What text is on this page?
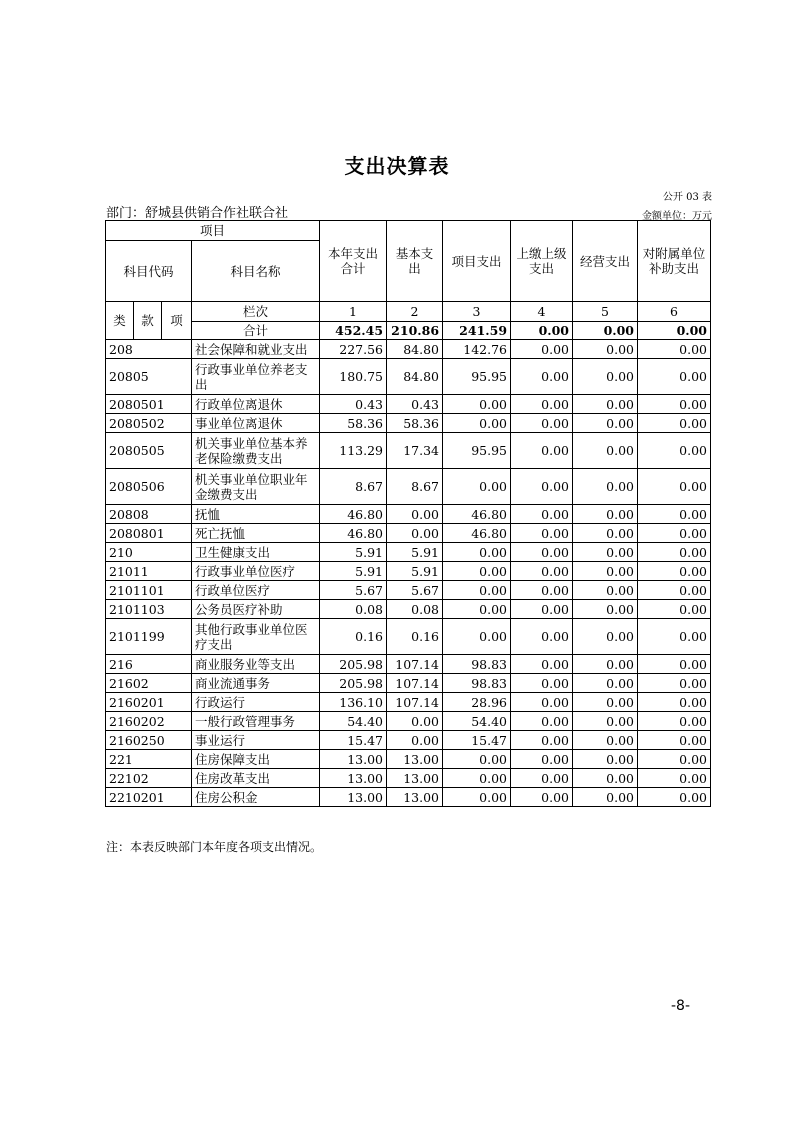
支出决算表
公开 03 表
部门：舒城县供销合作社联合社	金额单位：万元
项目				本年支出合计	基本支出	项目支出	上缴上级支出	经营支出	对附属单位补助支出
科目代码			科目名称						
类	款	项	栏次	1	2	3	4	5	6
			合计	452.45	210.86	241.59	0.00	0.00	0.00
208			社会保障和就业支出	227.56	84.80	142.76	0.00	0.00	0.00
20805			行政事业单位养老支出	180.75	84.80	95.95	0.00	0.00	0.00
2080501			行政单位离退休	0.43	0.43	0.00	0.00	0.00	0.00
2080502			事业单位离退休	58.36	58.36	0.00	0.00	0.00	0.00
2080505			机关事业单位基本养老保险缴费支出	113.29	17.34	95.95	0.00	0.00	0.00
2080506			机关事业单位职业年金缴费支出	8.67	8.67	0.00	0.00	0.00	0.00
20808			抚恤	46.80	0.00	46.80	0.00	0.00	0.00
2080801			死亡抚恤	46.80	0.00	46.80	0.00	0.00	0.00
210			卫生健康支出	5.91	5.91	0.00	0.00	0.00	0.00
21011			行政事业单位医疗	5.91	5.91	0.00	0.00	0.00	0.00
2101101			行政单位医疗	5.67	5.67	0.00	0.00	0.00	0.00
2101103			公务员医疗补助	0.08	0.08	0.00	0.00	0.00	0.00
2101199			其他行政事业单位医疗支出	0.16	0.16	0.00	0.00	0.00	0.00
216			商业服务业等支出	205.98	107.14	98.83	0.00	0.00	0.00
21602			商业流通事务	205.98	107.14	98.83	0.00	0.00	0.00
2160201			行政运行	136.10	107.14	28.96	0.00	0.00	0.00
2160202			一般行政管理事务	54.40	0.00	54.40	0.00	0.00	0.00
2160250			事业运行	15.47	0.00	15.47	0.00	0.00	0.00
221			住房保障支出	13.00	13.00	0.00	0.00	0.00	0.00
22102			住房改革支出	13.00	13.00	0.00	0.00	0.00	0.00
2210201			住房公积金	13.00	13.00	0.00	0.00	0.00	0.00
注：本表反映部门本年度各项支出情况。
-8-
